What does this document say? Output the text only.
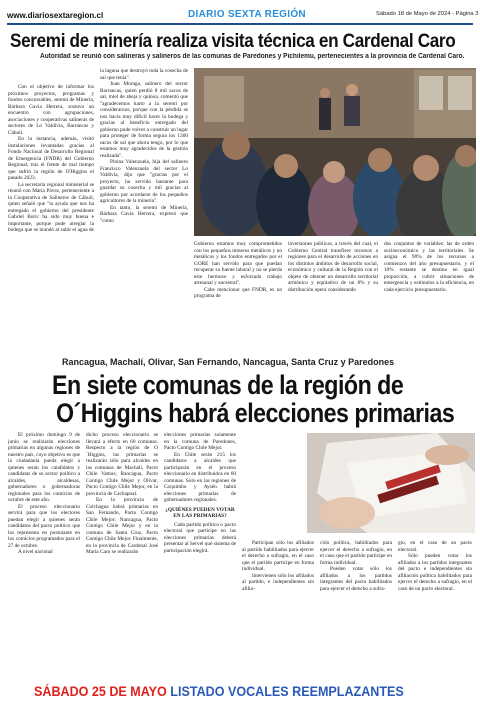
www.diariosextaregion.cl	DIARIO SEXTA REGIÓN	Sábado 18 de Mayo de 2024 - Página 3
Seremi de minería realiza visita técnica en Cardenal Caro
Autoridad se reunió con salineras y salineros de las comunas de Paredones y Pichilemu, pertenecientes a la provincia de Cardenal Caro.

Con el objetivo de informar los próximos proyectos, programas y fondos concursables, seremi de Minería, Bárbara Gavia Herrera, sostuvo un encuentro con agrupaciones, asociaciones y cooperativas salineras de sectores de Lo Valdivia, Barrancas y Cáhuil.

En la instancia, además, visitó instalaciones levantadas gracias al Fondo Nacional de Desarrollo Regional de Emergencia (FNDR) del Gobierno Regional, tras el frente de mal tiempo que sufrió la región de O'Higgins el pasado 2023.

La secretaria regional ministerial se reunió con María Pávez, perteneciente a la Cooperativa de Salineros de Cáhuil, quien señaló que "la ayuda que nos ha entregado el gobierno del presidente Gabriel Boric ha sido muy buena e importante, porque pude arreglar la bodega que se inundó al subir el agua de

la laguna que destruyó toda la cosecha de sal que tenía".

Juan Moraga, salinero del sector Barrancas, quien perdió 8 mil sacos de sal, miel de abeja y quinoa, comentó que "agradecemos harto a la seremi por considerarnos, porque con la pérdida se nos hacía muy difícil hacer la bodega y gracias al beneficio entregado del gobierno pude volver a construir un lugar para proteger de forma segura los 1300 sacos de sal que ahora tengo, por lo que estamos muy agradecidos de la gestión realizada".

Pinina Valenzuela, hija del salinero Francisco Valenzuela del sector Lo Valdivia, dijo que "gracias por el proyecto, ha servido bastante para guardar su cosecha y mil gracias al gobierno por acordarse de los pequeños agricultores de la minería".

En tanto, la seremi de Minería, Bárbara Gavia Herrera, expresó que "como

Gobierno estamos muy comprometidos con los pequeños mineros metálicos y no metálicos y los fondos entregados por el GORE han servido para que puedan recuperar su fuente laboral y no se pierda este hermoso y esforzado trabajo artesanal y ancestral".

Cabe mencionar que FNDR, es un programa de

inversiones públicas, a través del cual, el Gobierno Central transfiere recursos a regiones para el desarrollo de acciones en los distintos ámbitos de desarrollo social, económico y cultural de la Región con el objeto de obtener un desarrollo territorial armónico y equitativo de un 8% y su distribución opera considerando

dos conjuntos de variables: las de orden socioeconómico y las territoriales. Se asigna el 90% de los recursos a comienzos del año presupuestario, y el 10% restante se destina en igual proporción, a cubrir situaciones de emergencia y estímulos a la eficiencia, en cada ejercicio presupuestario.

Rancagua, Machalí, Olivar, San Fernando, Nancagua, Santa Cruz y Paredones
En siete comunas de la región de
O´Higgins habrá elecciones primarias

El próximo domingo 9 de junio se realizarán elecciones primarias en algunas regiones de nuestro país, cuyo objetivo es que la ciudadanía pueda elegir a quienes serán los candidatos y candidatas de su sector político a alcaldes, alcaldesas, gobernadores o gobernadoras regionales para los comicios de octubre de este año.

El proceso eleccionario servirá para que los electores puedan elegir a quienes serán candidatos del pacto político que los representa en postulante en los comicios programados para el 27 de octubre.

A nivel nacional

dicho proceso eleccionario se llevará a efecto en 60 comunas. Respecto a la región de O´Higgins, las primarias se realizarán sólo para alcaldes en las comunas de Machalí, Pacto Chile Vamos; Rancagua, Pacto Contigo Chile Mejor y Olivar, Pacto Contigo Chile Mejor, en la provincia de Cachapoal.

En la provincia de Colchagua habrá primarias en San Fernando, Pacto Contigo Chile Mejor; Nancagua, Pacto Contigo Chile Mejor y en la comuna de Santa Cruz, Pacto Contigo Chile Mejor. Finalmente, en la provincia de Cardenal José María Caro se realizarán

elecciones primarias solamente en la comuna de Paredones, Pacto Contigo Chile Mejor.

En Chile serán 215 los candidatos a alcaldes que participarán en el proceso eleccionario en distribuidos en 60 comunas. Solo en las regiones de Coquimbo y Aysén habrá elecciones primarias de gobernadores regionales.

¿QUIÉNES PUEDEN VOTAR EN LAS PRIMARIAS?

Cada partido político o pacto electoral que participe en las elecciones primarias deberá presentar al Servel qué sistema de participación elegirá.

Participan sólo los afiliados al partido habilitados para ejercer el derecho a sufragio, en el caso que el partido participe en forma individual.

Intervienen sólo los afiliados al partido, e independientes sin afilia-

ción política, habilitados para ejercer el derecho a sufragio, en el caso que el partido participe en forma individual.

Pueden votar sólo los afiliados a los partidos integrantes del pacto habilitados para ejercer el derecho a sufra-

gio, en el caso de un pacto electoral.

Sólo pueden votar los afiliados a los partidos integrantes del pacto e independientes sin afiliación política habilitados para ejercer el derecho a sufragio, en el caso de un pacto electoral.

SÁBADO 25 DE MAYO LISTADO VOCALES REEMPLAZANTES
